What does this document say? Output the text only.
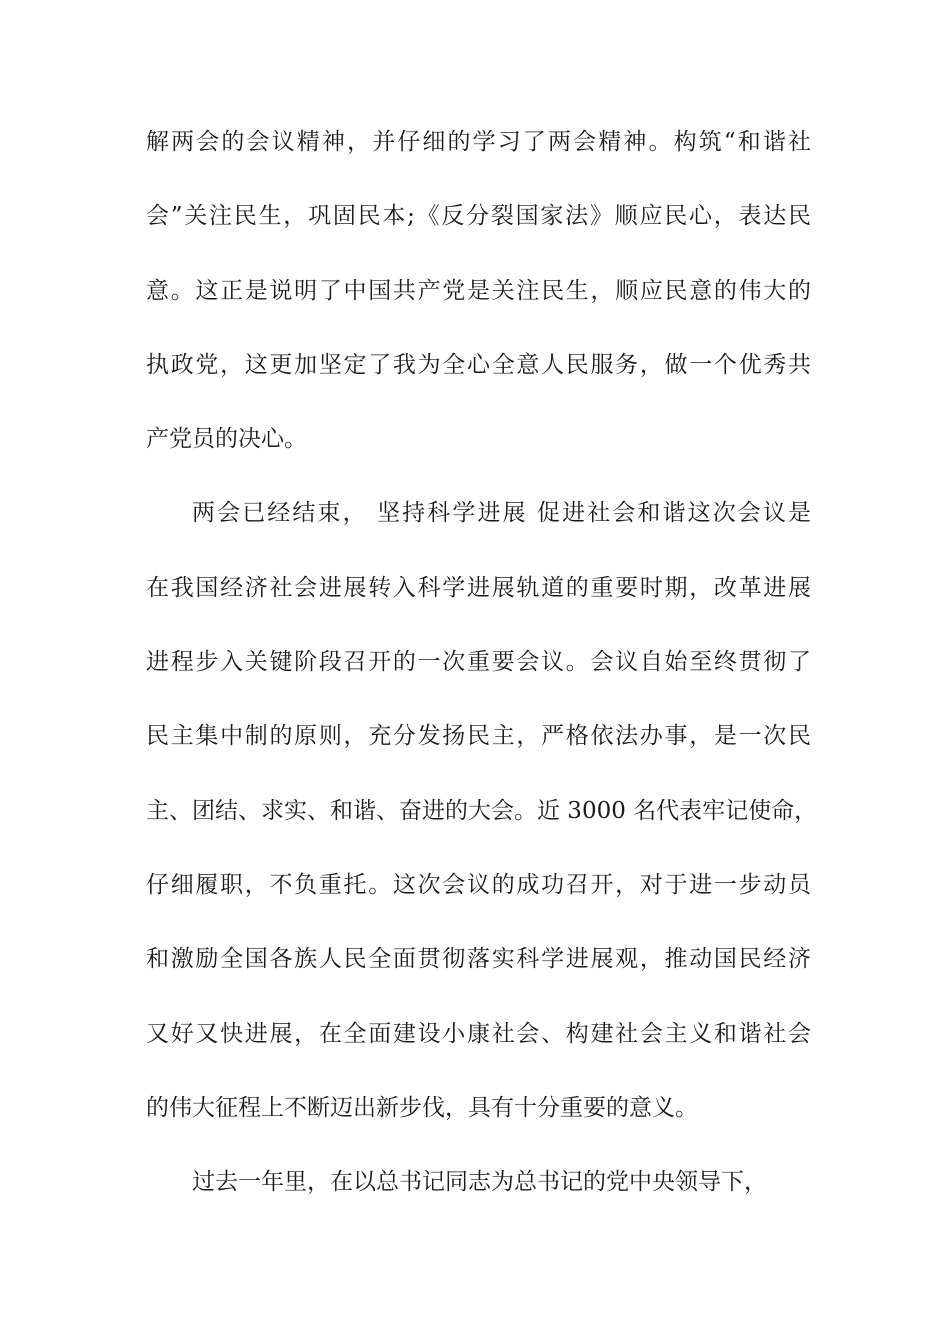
解两会的会议精神，并仔细的学习了两会精神。构筑“和谐社
会”关注民生，巩固民本;《反分裂国家法》顺应民心，表达民
意。这正是说明了中国共产党是关注民生，顺应民意的伟大的
执政党，这更加坚定了我为全心全意人民服务，做一个优秀共
产党员的决心。
两会已经结束， 坚持科学进展 促进社会和谐这次会议是
在我国经济社会进展转入科学进展轨道的重要时期，改革进展
进程步入关键阶段召开的一次重要会议。会议自始至终贯彻了
民主集中制的原则，充分发扬民主，严格依法办事，是一次民
主、团结、求实、和谐、奋进的大会。近 3000 名代表牢记使命，
仔细履职，不负重托。这次会议的成功召开，对于进一步动员
和激励全国各族人民全面贯彻落实科学进展观，推动国民经济
又好又快进展，在全面建设小康社会、构建社会主义和谐社会
的伟大征程上不断迈出新步伐，具有十分重要的意义。
过去一年里，在以总书记同志为总书记的党中央领导下，
